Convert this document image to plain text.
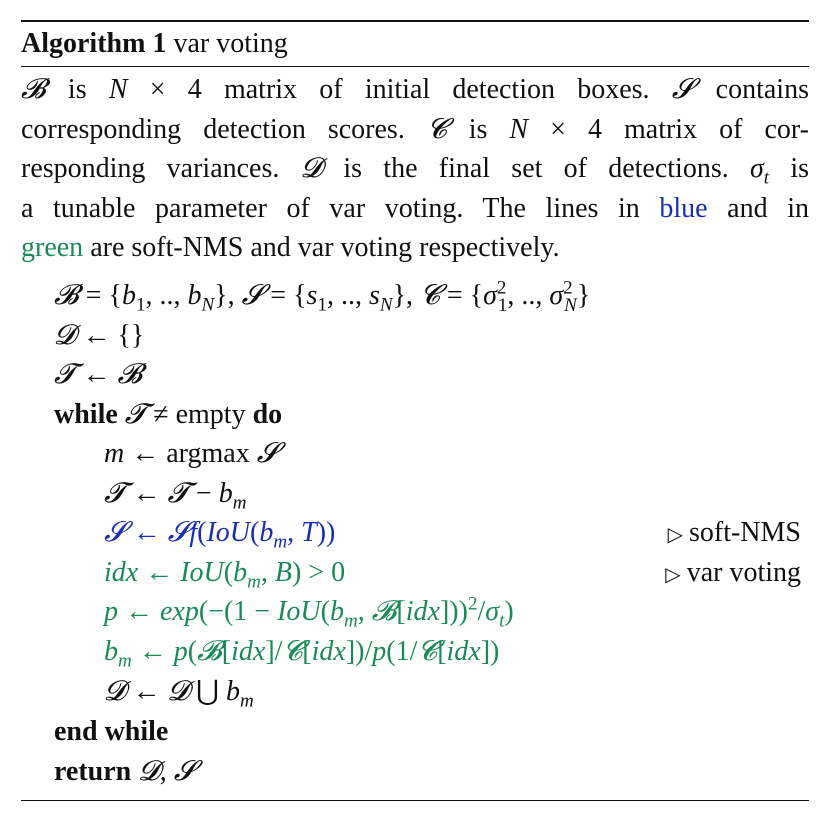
Algorithm 1 var voting
𝓑 is N × 4 matrix of initial detection boxes. 𝓢 contains
corresponding detection scores. 𝓒 is N × 4 matrix of cor-
responding variances. 𝓓 is the final set of detections. $\sigma_t$ is
a tunable parameter of var voting. The lines in blue and in
green are soft-NMS and var voting respectively.
𝓑 = {$b_1$, .., $b_N$}, 𝓢 = {$s_1$, .., $s_N$}, 𝓒 = {$\sigma^2_1$, .., $\sigma^2_N$}
𝓓 ← {}
𝓣 ← 𝓑
while 𝓣 ≠ empty do
m ← argmax 𝓢
𝓣 ← 𝓣 − $b_m$
𝓢 ← $𝓢f(IoU(b_m$, T))	▷ soft-NMS
idx ← $IoU(b_m$, B) > 0	▷ var voting
p ← $\exp(-(1 - IoU(b_m$, $𝓑[idx]))^2/\sigma_t$)
$b_m$ ← p(𝓑[idx]/𝓒[idx])/p(1/𝓒[idx])
𝓓 ← 𝓓 ⋃ $b_m$
end while
return 𝓓, 𝓢
